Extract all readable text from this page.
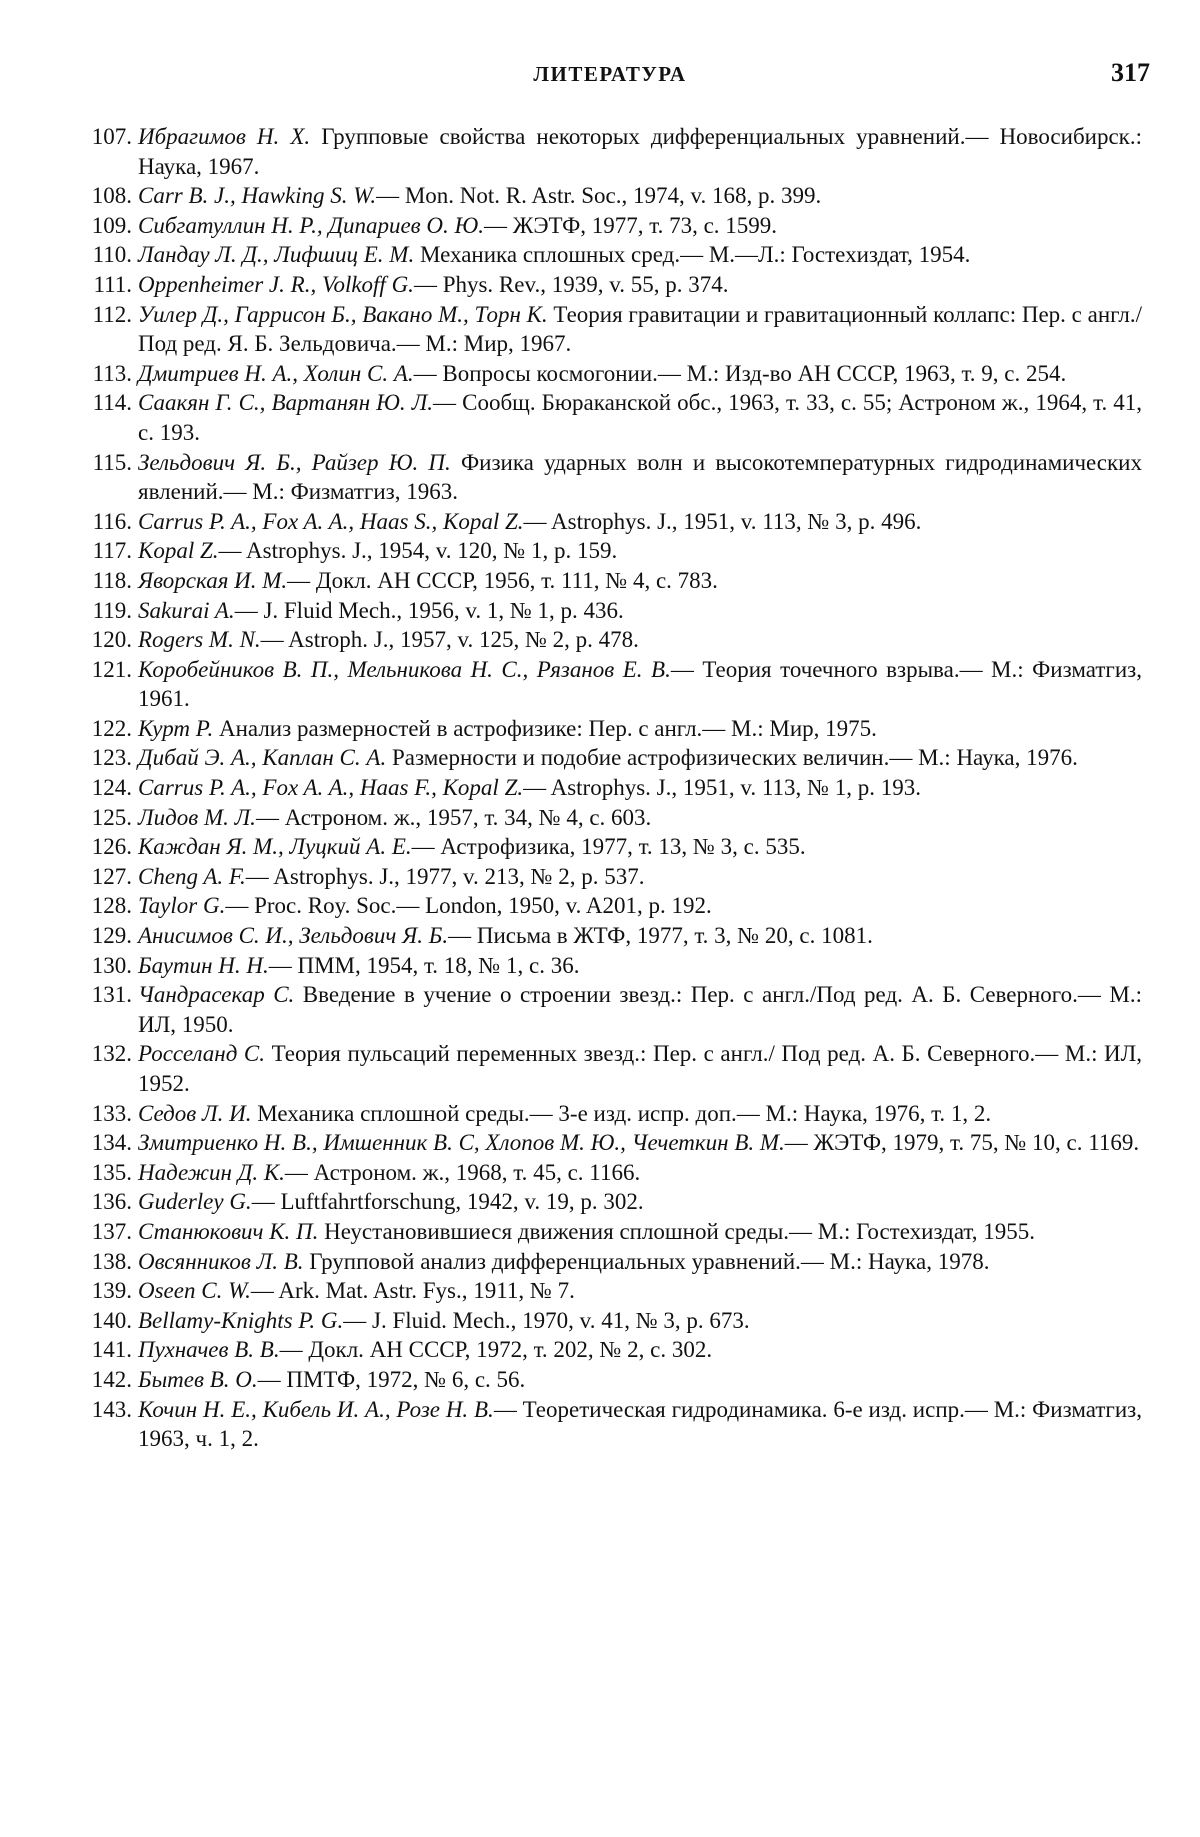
ЛИТЕРАТУРА	317
107. Ибрагимов Н. Х. Групповые свойства некоторых дифференциальных уравнений.— Новосибирск.: Наука, 1967.
108. Carr B. J., Hawking S. W.— Mon. Not. R. Astr. Soc., 1974, v. 168, p. 399.
109. Сибгатуллин Н. Р., Дипариев О. Ю.— ЖЭТФ, 1977, т. 73, с. 1599.
110. Ландау Л. Д., Лифшиц Е. М. Механика сплошных сред.— М.—Л.: Гостехиздат, 1954.
111. Oppenheimer J. R., Volkoff G.— Phys. Rev., 1939, v. 55, p. 374.
112. Уилер Д., Гаррисон Б., Вакано М., Торн К. Теория гравитации и гравитационный коллапс: Пер. с англ./Под ред. Я. Б. Зельдовича.— М.: Мир, 1967.
113. Дмитриев Н. А., Холин С. А.— Вопросы космогонии.— М.: Изд-во АН СССР, 1963, т. 9, с. 254.
114. Саакян Г. С., Вартанян Ю. Л.— Сообщ. Бюраканской обс., 1963, т. 33, с. 55; Астроном ж., 1964, т. 41, с. 193.
115. Зельдович Я. Б., Райзер Ю. П. Физика ударных волн и высокотемпературных гидродинамических явлений.— М.: Физматгиз, 1963.
116. Carrus P. A., Fox A. A., Haas S., Kopal Z.— Astrophys. J., 1951, v. 113, № 3, p. 496.
117. Kopal Z.— Astrophys. J., 1954, v. 120, № 1, p. 159.
118. Яворская И. М.— Докл. АН СССР, 1956, т. 111, № 4, с. 783.
119. Sakurai A.— J. Fluid Mech., 1956, v. 1, № 1, p. 436.
120. Rogers M. N.— Astroph. J., 1957, v. 125, № 2, p. 478.
121. Коробейников В. П., Мельникова Н. С., Рязанов Е. В.— Теория точечного взрыва.— М.: Физматгиз, 1961.
122. Курт Р. Анализ размерностей в астрофизике: Пер. с англ.— М.: Мир, 1975.
123. Дибай Э. А., Каплан С. А. Размерности и подобие астрофизических величин.— М.: Наука, 1976.
124. Carrus P. A., Fox A. A., Haas F., Kopal Z.— Astrophys. J., 1951, v. 113, № 1, p. 193.
125. Лидов М. Л.— Астроном. ж., 1957, т. 34, № 4, с. 603.
126. Каждан Я. М., Луцкий А. Е.— Астрофизика, 1977, т. 13, № 3, с. 535.
127. Cheng A. F.— Astrophys. J., 1977, v. 213, № 2, p. 537.
128. Taylor G.— Proc. Roy. Soc.— London, 1950, v. A201, p. 192.
129. Анисимов С. И., Зельдович Я. Б.— Письма в ЖТФ, 1977, т. 3, № 20, с. 1081.
130. Баутин Н. Н.— ПММ, 1954, т. 18, № 1, с. 36.
131. Чандрасекар С. Введение в учение о строении звезд.: Пер. с англ./Под ред. А. Б. Северного.— М.: ИЛ, 1950.
132. Росселанд С. Теория пульсаций переменных звезд.: Пер. с англ./ Под ред. А. Б. Северного.— М.: ИЛ, 1952.
133. Седов Л. И. Механика сплошной среды.— 3-е изд. испр. доп.— М.: Наука, 1976, т. 1, 2.
134. Змитриенко Н. В., Имшенник В. С, Хлопов М. Ю., Чечеткин В. М.— ЖЭТФ, 1979, т. 75, № 10, с. 1169.
135. Надежин Д. К.— Астроном. ж., 1968, т. 45, с. 1166.
136. Guderley G.— Luftfahrtforschung, 1942, v. 19, p. 302.
137. Станюкович К. П. Неустановившиеся движения сплошной среды.— М.: Гостехиздат, 1955.
138. Овсянников Л. В. Групповой анализ дифференциальных уравнений.— М.: Наука, 1978.
139. Oseen C. W.— Ark. Mat. Astr. Fys., 1911, № 7.
140. Bellamy-Knights P. G.— J. Fluid. Mech., 1970, v. 41, № 3, p. 673.
141. Пухначев В. В.— Докл. АН СССР, 1972, т. 202, № 2, с. 302.
142. Бытев В. О.— ПМТФ, 1972, № 6, с. 56.
143. Кочин Н. Е., Кибель И. А., Розе Н. В.— Теоретическая гидродинамика. 6-е изд. испр.— М.: Физматгиз, 1963, ч. 1, 2.
